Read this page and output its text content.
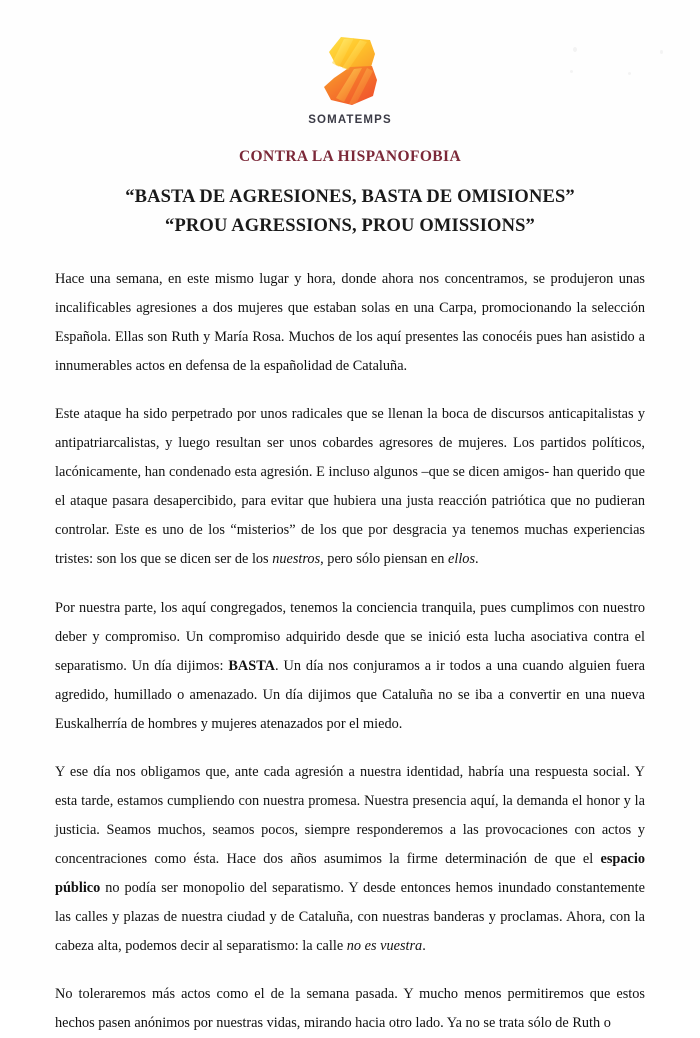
SOMATEMPS
CONTRA LA HISPANOFOBIA
“BASTA DE AGRESIONES, BASTA DE OMISIONES”
“PROU AGRESSIONS, PROU OMISSIONS”

Hace una semana, en este mismo lugar y hora, donde ahora nos concentramos, se produjeron unas incalificables agresiones a dos mujeres que estaban solas en una Carpa, promocionando la selección Española. Ellas son Ruth y María Rosa. Muchos de los aquí presentes las conocéis pues han asistido a innumerables actos en defensa de la españolidad de Cataluña.

Este ataque ha sido perpetrado por unos radicales que se llenan la boca de discursos anticapitalistas y antipatriarcalistas, y luego resultan ser unos cobardes agresores de mujeres. Los partidos políticos, lacónicamente, han condenado esta agresión. E incluso algunos –que se dicen amigos- han querido que el ataque pasara desapercibido, para evitar que hubiera una justa reacción patriótica que no pudieran controlar. Este es uno de los “misterios” de los que por desgracia ya tenemos muchas experiencias tristes: son los que se dicen ser de los nuestros, pero sólo piensan en ellos.

Por nuestra parte, los aquí congregados, tenemos la conciencia tranquila, pues cumplimos con nuestro deber y compromiso. Un compromiso adquirido desde que se inició esta lucha asociativa contra el separatismo. Un día dijimos: BASTA. Un día nos conjuramos a ir todos a una cuando alguien fuera agredido, humillado o amenazado. Un día dijimos que Cataluña no se iba a convertir en una nueva Euskalherría de hombres y mujeres atenazados por el miedo.

Y ese día nos obligamos que, ante cada agresión a nuestra identidad, habría una respuesta social. Y esta tarde, estamos cumpliendo con nuestra promesa. Nuestra presencia aquí, la demanda el honor y la justicia. Seamos muchos, seamos pocos, siempre responderemos a las provocaciones con actos y concentraciones como ésta. Hace dos años asumimos la firme determinación de que el espacio público no podía ser monopolio del separatismo. Y desde entonces hemos inundado constantemente las calles y plazas de nuestra ciudad y de Cataluña, con nuestras banderas y proclamas. Ahora, con la cabeza alta, podemos decir al separatismo: la calle no es vuestra.

No toleraremos más actos como el de la semana pasada. Y mucho menos permitiremos que estos hechos pasen anónimos por nuestras vidas, mirando hacia otro lado. Ya no se trata sólo de Ruth o
